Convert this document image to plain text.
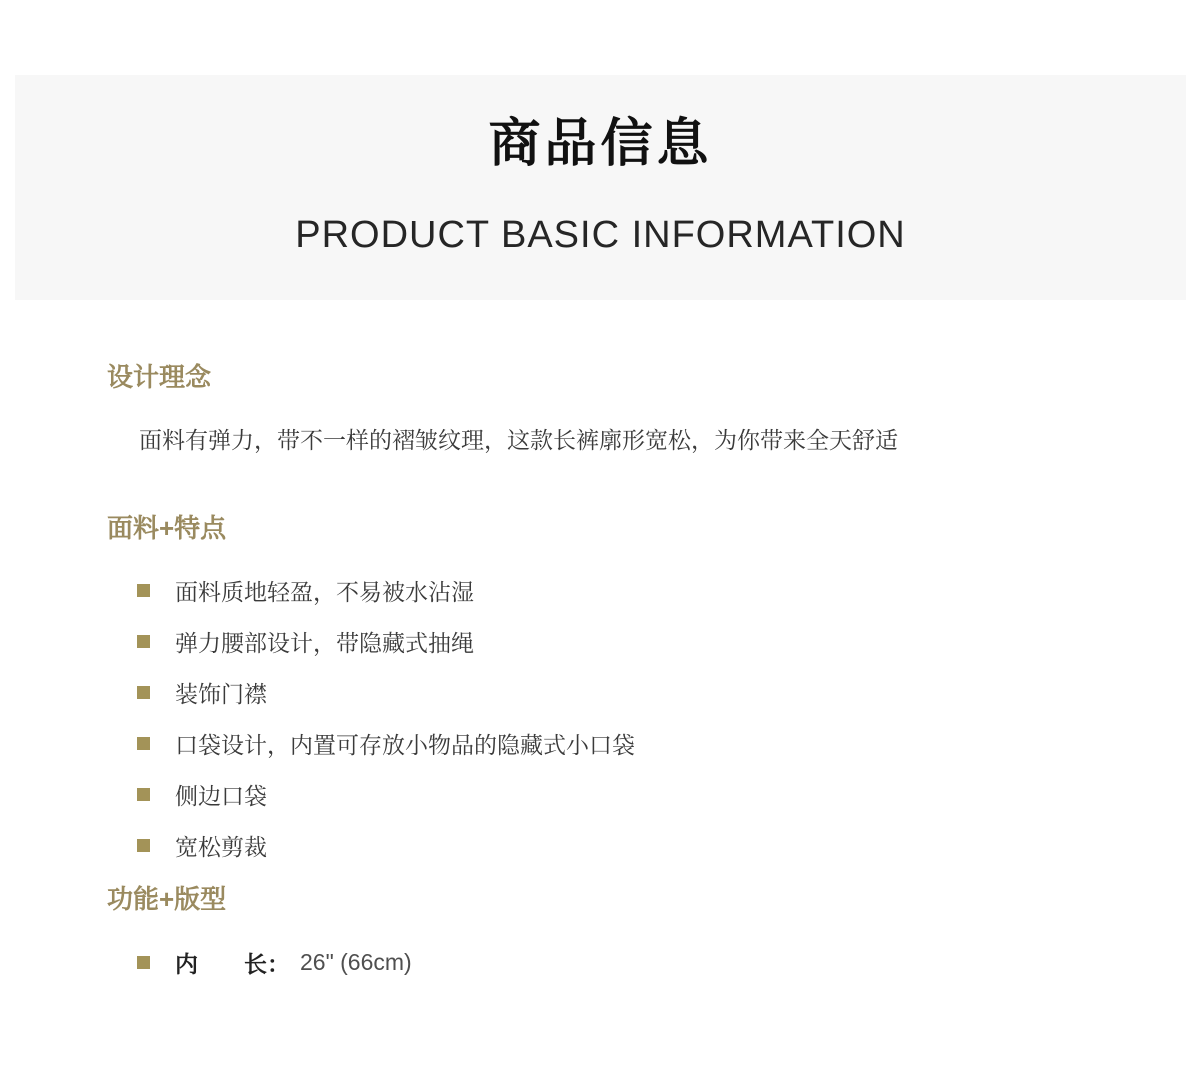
商品信息
PRODUCT BASIC INFORMATION
设计理念

面料有弹力，带不一样的褶皱纹理，这款长裤廓形宽松，为你带来全天舒适

面料+特点
面料质地轻盈，不易被水沾湿
弹力腰部设计，带隐藏式抽绳
装饰门襟
口袋设计，内置可存放小物品的隐藏式小口袋
侧边口袋
宽松剪裁
功能+版型
内 长： 26" (66cm)
